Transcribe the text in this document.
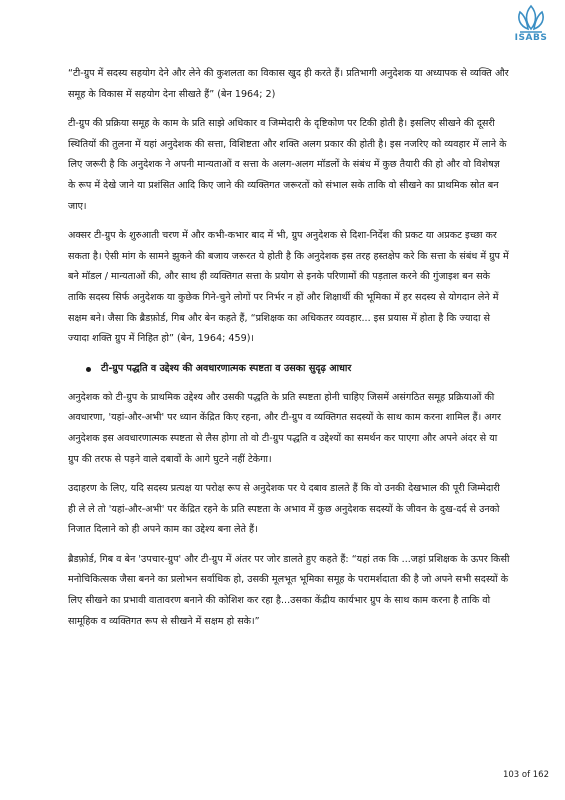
ISABS

“टी-ग्रुप में सदस्य सहयोग देने और लेने की कुशलता का विकास खुद ही करते हैं। प्रतिभागी अनुदेशक या अध्यापक से व्यक्ति और समूह के विकास में सहयोग देना सीखते हैं” (बेन 1964; 2)

टी-ग्रुप की प्रक्रिया समूह के काम के प्रति साझे अधिकार व जिम्मेदारी के दृष्टिकोण पर टिकी होती है। इसलिए सीखने की दूसरी स्थितियों की तुलना में यहां अनुदेशक की सत्ता, विशिष्टता और शक्ति अलग प्रकार की होती है। इस नजरिए को व्यवहार में लाने के लिए जरूरी है कि अनुदेशक ने अपनी मान्यताओं व सत्ता के अलग-अलग मॉडलों के संबंध में कुछ तैयारी की हो और वो विशेषज्ञ के रूप में देखे जाने या प्रशंसित आदि किए जाने की व्यक्तिगत जरूरतों को संभाल सके ताकि वो सीखने का प्राथमिक स्रोत बन जाए।

अक्सर टी-ग्रुप के शुरुआती चरण में और कभी-कभार बाद में भी, ग्रुप अनुदेशक से दिशा-निर्देश की प्रकट या अप्रकट इच्छा कर सकता है। ऐसी मांग के सामने झुकने की बजाय जरूरत ये होती है कि अनुदेशक इस तरह हस्तक्षेप करे कि सत्ता के संबंध में ग्रुप में बने मॉडल / मान्यताओं की, और साथ ही व्यक्तिगत सत्ता के प्रयोग से इनके परिणामों की पड़ताल करने की गुंजाइश बन सके ताकि सदस्य सिर्फ अनुदेशक या कुछेक गिने-चुने लोगों पर निर्भर न हों और शिक्षार्थी की भूमिका में हर सदस्य से योगदान लेने में सक्षम बने। जैसा कि ब्रैडफ़ोर्ड, गिब और बेन कहते हैं, “प्रशिक्षक का अधिकतर व्यवहार... इस प्रयास में होता है कि ज्यादा से ज्यादा शक्ति ग्रुप में निहित हो” (बेन, 1964; 459)।

टी-ग्रुप पद्धति व उद्देश्य की अवधारणात्मक स्पष्टता व उसका सुदृढ़ आधार

अनुदेशक को टी-ग्रुप के प्राथमिक उद्देश्य और उसकी पद्धति के प्रति स्पष्टता होनी चाहिए जिसमें असंगठित समूह प्रक्रियाओं की अवधारणा, 'यहां-और-अभी' पर ध्यान केंद्रित किए रहना, और टी-ग्रुप व व्यक्तिगत सदस्यों के साथ काम करना शामिल हैं। अगर अनुदेशक इस अवधारणात्मक स्पष्टता से लैस होगा तो वो टी-ग्रुप पद्धति व उद्देश्यों का समर्थन कर पाएगा और अपने अंदर से या ग्रुप की तरफ से पड़ने वाले दबावों के आगे घुटने नहीं टेकेगा।

उदाहरण के लिए, यदि सदस्य प्रत्यक्ष या परोक्ष रूप से अनुदेशक पर ये दबाव डालते हैं कि वो उनकी देखभाल की पूरी जिम्मेदारी ही ले ले तो 'यहां-और-अभी' पर केंद्रित रहने के प्रति स्पष्टता के अभाव में कुछ अनुदेशक सदस्यों के जीवन के दुख-दर्द से उनको निजात दिलाने को ही अपने काम का उद्देश्य बना लेते हैं।

ब्रैडफ़ोर्ड, गिब व बेन 'उपचार-ग्रुप' और टी-ग्रुप में अंतर पर जोर डालते हुए कहते हैं: “यहां तक कि ...जहां प्रशिक्षक के ऊपर किसी मनोचिकित्सक जैसा बनने का प्रलोभन सर्वाधिक हो, उसकी मूलभूत भूमिका समूह के परामर्शदाता की है जो अपने सभी सदस्यों के लिए सीखने का प्रभावी वातावरण बनाने की कोशिश कर रहा है...उसका केंद्रीय कार्यभार ग्रुप के साथ काम करना है ताकि वो सामूहिक व व्यक्तिगत रूप से सीखने में सक्षम हो सके।”

103 of 162
